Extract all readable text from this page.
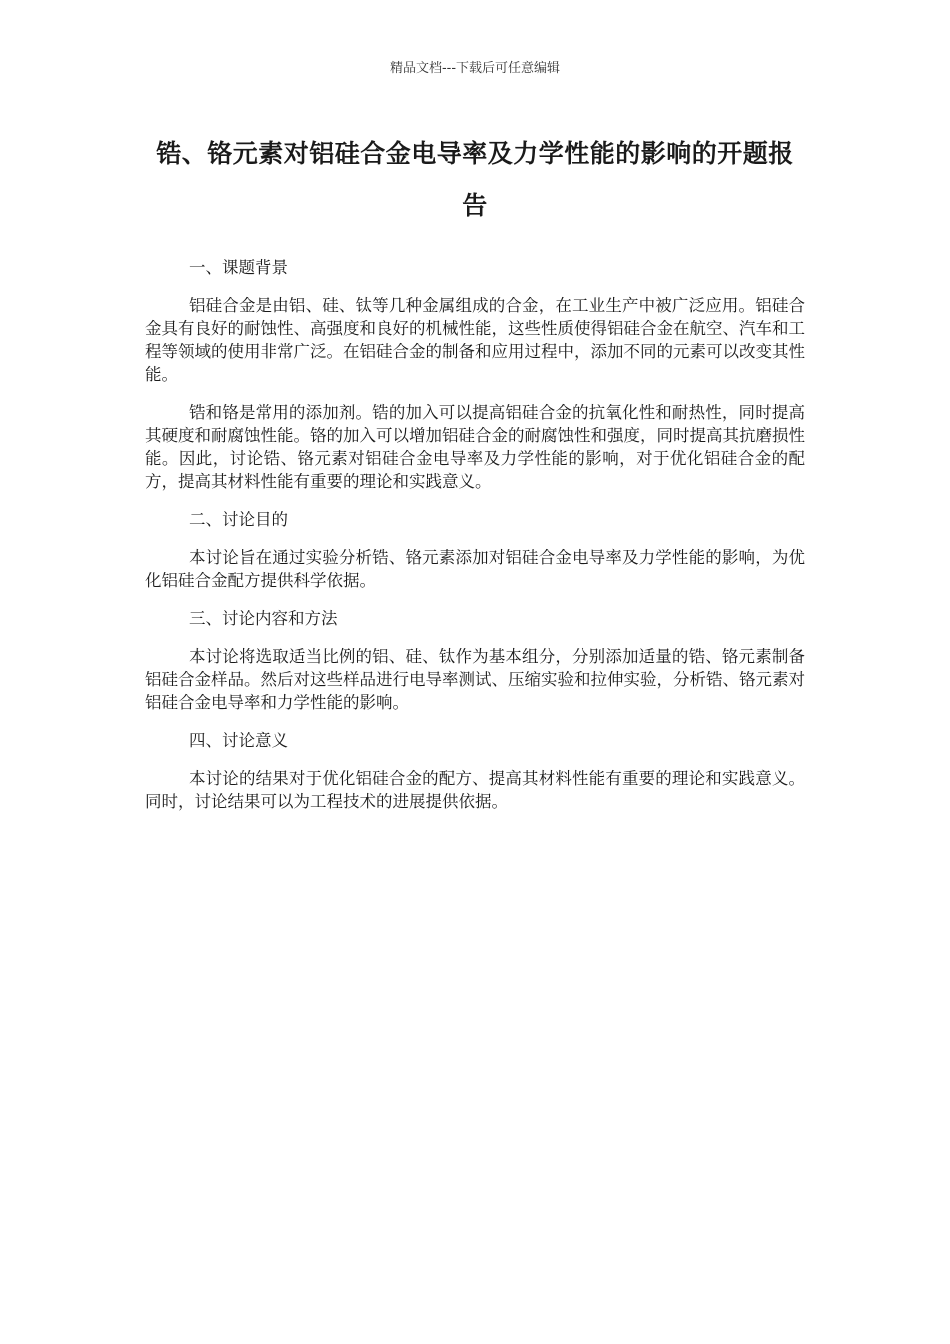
精品文档---下载后可任意编辑
锆、铬元素对铝硅合金电导率及力学性能的影响的开题报告

一、课题背景

铝硅合金是由铝、硅、钛等几种金属组成的合金，在工业生产中被广泛应用。铝硅合金具有良好的耐蚀性、高强度和良好的机械性能，这些性质使得铝硅合金在航空、汽车和工程等领域的使用非常广泛。在铝硅合金的制备和应用过程中，添加不同的元素可以改变其性能。

锆和铬是常用的添加剂。锆的加入可以提高铝硅合金的抗氧化性和耐热性，同时提高其硬度和耐腐蚀性能。铬的加入可以增加铝硅合金的耐腐蚀性和强度，同时提高其抗磨损性能。因此，讨论锆、铬元素对铝硅合金电导率及力学性能的影响，对于优化铝硅合金的配方，提高其材料性能有重要的理论和实践意义。

二、讨论目的

本讨论旨在通过实验分析锆、铬元素添加对铝硅合金电导率及力学性能的影响，为优化铝硅合金配方提供科学依据。

三、讨论内容和方法

本讨论将选取适当比例的铝、硅、钛作为基本组分，分别添加适量的锆、铬元素制备铝硅合金样品。然后对这些样品进行电导率测试、压缩实验和拉伸实验，分析锆、铬元素对铝硅合金电导率和力学性能的影响。

四、讨论意义

本讨论的结果对于优化铝硅合金的配方、提高其材料性能有重要的理论和实践意义。同时，讨论结果可以为工程技术的进展提供依据。
